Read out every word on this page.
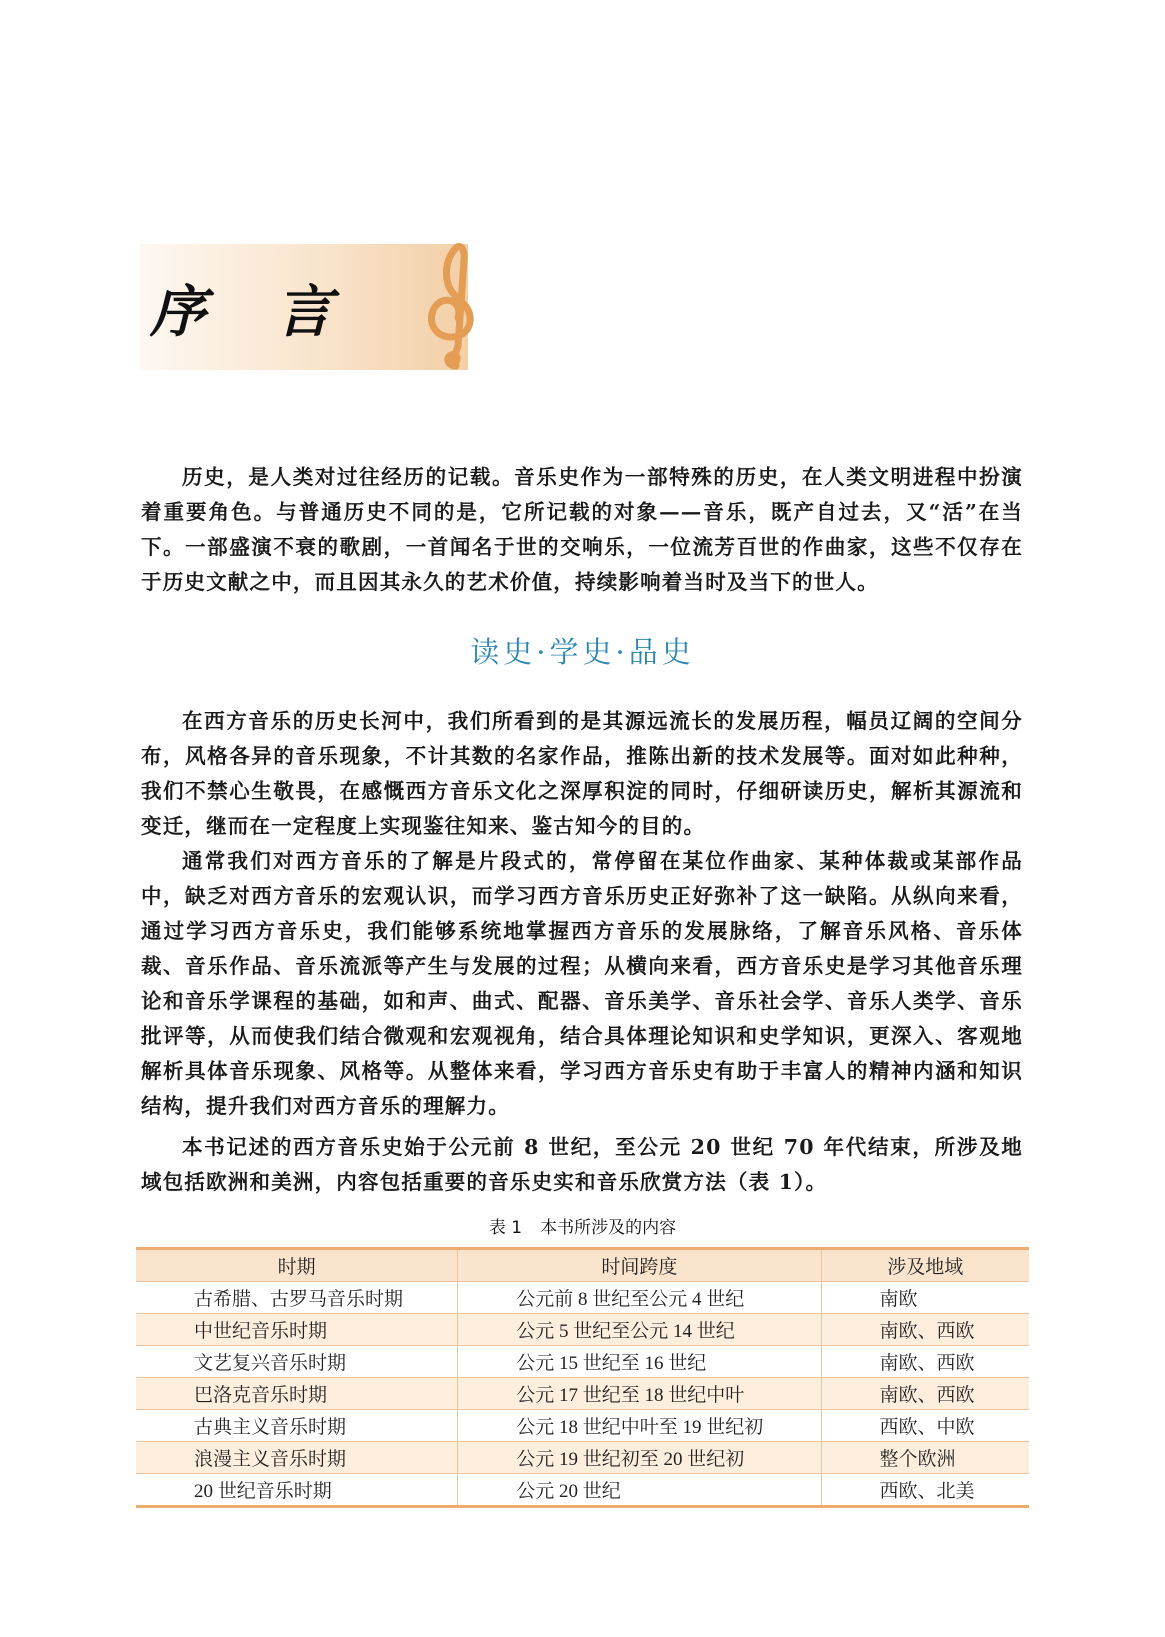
序 言

历史，是人类对过往经历的记载。音乐史作为一部特殊的历史，在人类文明进程中扮演着重要角色。与普通历史不同的是，它所记载的对象——音乐，既产自过去，又“活”在当下。一部盛演不衰的歌剧，一首闻名于世的交响乐，一位流芳百世的作曲家，这些不仅存在于历史文献之中，而且因其永久的艺术价值，持续影响着当时及当下的世人。

读史·学史·品史

在西方音乐的历史长河中，我们所看到的是其源远流长的发展历程，幅员辽阔的空间分布，风格各异的音乐现象，不计其数的名家作品，推陈出新的技术发展等。面对如此种种，我们不禁心生敬畏，在感慨西方音乐文化之深厚积淀的同时，仔细研读历史，解析其源流和变迁，继而在一定程度上实现鉴往知来、鉴古知今的目的。

通常我们对西方音乐的了解是片段式的，常停留在某位作曲家、某种体裁或某部作品中，缺乏对西方音乐的宏观认识，而学习西方音乐历史正好弥补了这一缺陷。从纵向来看，通过学习西方音乐史，我们能够系统地掌握西方音乐的发展脉络，了解音乐风格、音乐体裁、音乐作品、音乐流派等产生与发展的过程；从横向来看，西方音乐史是学习其他音乐理论和音乐学课程的基础，如和声、曲式、配器、音乐美学、音乐社会学、音乐人类学、音乐批评等，从而使我们结合微观和宏观视角，结合具体理论知识和史学知识，更深入、客观地解析具体音乐现象、风格等。从整体来看，学习西方音乐史有助于丰富人的精神内涵和知识结构，提升我们对西方音乐的理解力。

本书记述的西方音乐史始于公元前 8 世纪，至公元 20 世纪 70 年代结束，所涉及地域包括欧洲和美洲，内容包括重要的音乐史实和音乐欣赏方法（表 1）。

表 1 本书所涉及的内容
时期	时间跨度	涉及地域
古希腊、古罗马音乐时期	公元前 8 世纪至公元 4 世纪	南欧
中世纪音乐时期	公元 5 世纪至公元 14 世纪	南欧、西欧
文艺复兴音乐时期	公元 15 世纪至 16 世纪	南欧、西欧
巴洛克音乐时期	公元 17 世纪至 18 世纪中叶	南欧、西欧
古典主义音乐时期	公元 18 世纪中叶至 19 世纪初	西欧、中欧
浪漫主义音乐时期	公元 19 世纪初至 20 世纪初	整个欧洲
20 世纪音乐时期	公元 20 世纪	西欧、北美
